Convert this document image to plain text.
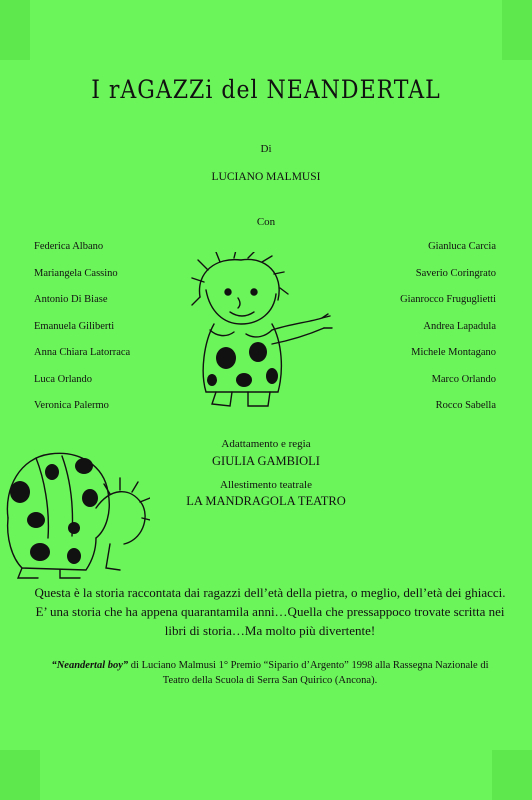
I rAGAZZi del NEANDERTAL
Di
LUCIANO MALMUSI
Con
Federica Albano
Mariangela Cassino
Antonio Di Biase
Emanuela Giliberti
Anna Chiara Latorraca
Luca Orlando
Veronica Palermo
Gianluca Carcia
Saverio Coringrato
Gianrocco Fruguglietti
Andrea Lapadula
Michele Montagano
Marco Orlando
Rocco Sabella
Adattamento e regia
GIULIA GAMBIOLI
Allestimento teatrale
LA MANDRAGOLA TEATRO
Questa è la storia raccontata dai ragazzi dell’età della pietra, o meglio, dell’età dei ghiacci.
E’ una storia che ha appena quarantamila anni…Quella che pressappoco trovate scritta nei libri di storia…Ma molto più divertente!
“Neandertal boy” di Luciano Malmusi 1° Premio “Sipario d’Argento” 1998 alla Rassegna Nazionale di Teatro della Scuola di Serra San Quirico (Ancona).
